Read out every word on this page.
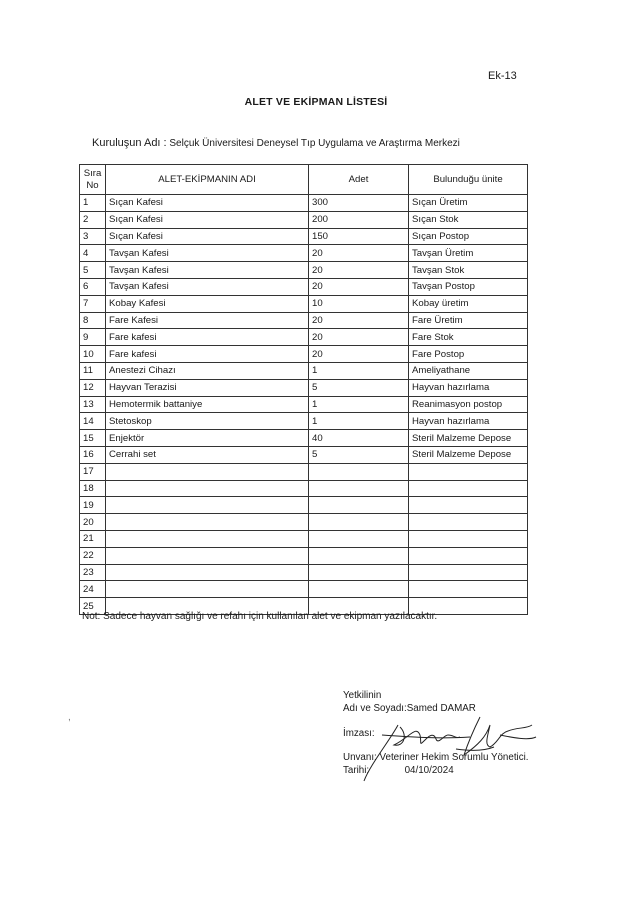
Ek-13
ALET VE EKİPMAN LİSTESİ
Kuruluşun Adı : Selçuk Üniversitesi Deneysel Tıp Uygulama ve Araştırma Merkezi
Sıra
No	ALET-EKİPMANIN ADI	Adet	Bulunduğu ünite
1	Sıçan Kafesi	300	Sıçan Üretim
2	Sıçan Kafesi	200	Sıçan Stok
3	Sıçan Kafesi	150	Sıçan Postop
4	Tavşan Kafesi	20	Tavşan Üretim
5	Tavşan Kafesi	20	Tavşan Stok
6	Tavşan Kafesi	20	Tavşan Postop
7	Kobay Kafesi	10	Kobay üretim
8	Fare Kafesi	20	Fare Üretim
9	Fare kafesi	20	Fare Stok
10	Fare kafesi	20	Fare Postop
11	Anestezi Cihazı	1	Ameliyathane
12	Hayvan Terazisi	5	Hayvan hazırlama
13	Hemotermik battaniye	1	Reanimasyon postop
14	Stetoskop	1	Hayvan hazırlama
15	Enjektör	40	Steril Malzeme Depose
16	Cerrahi set	5	Steril Malzeme Depose
17			
18			
19			
20			
21			
22			
23			
24			
25			
Not: Sadece hayvan sağlığı ve refahı için kullanılan alet ve ekipman yazılacaktır.
,
Yetkilinin
Adı ve Soyadı:Samed DAMAR
İmzası:
Unvanı: Veteriner Hekim Sorumlu Yönetici.
Tarihi:	04/10/2024
